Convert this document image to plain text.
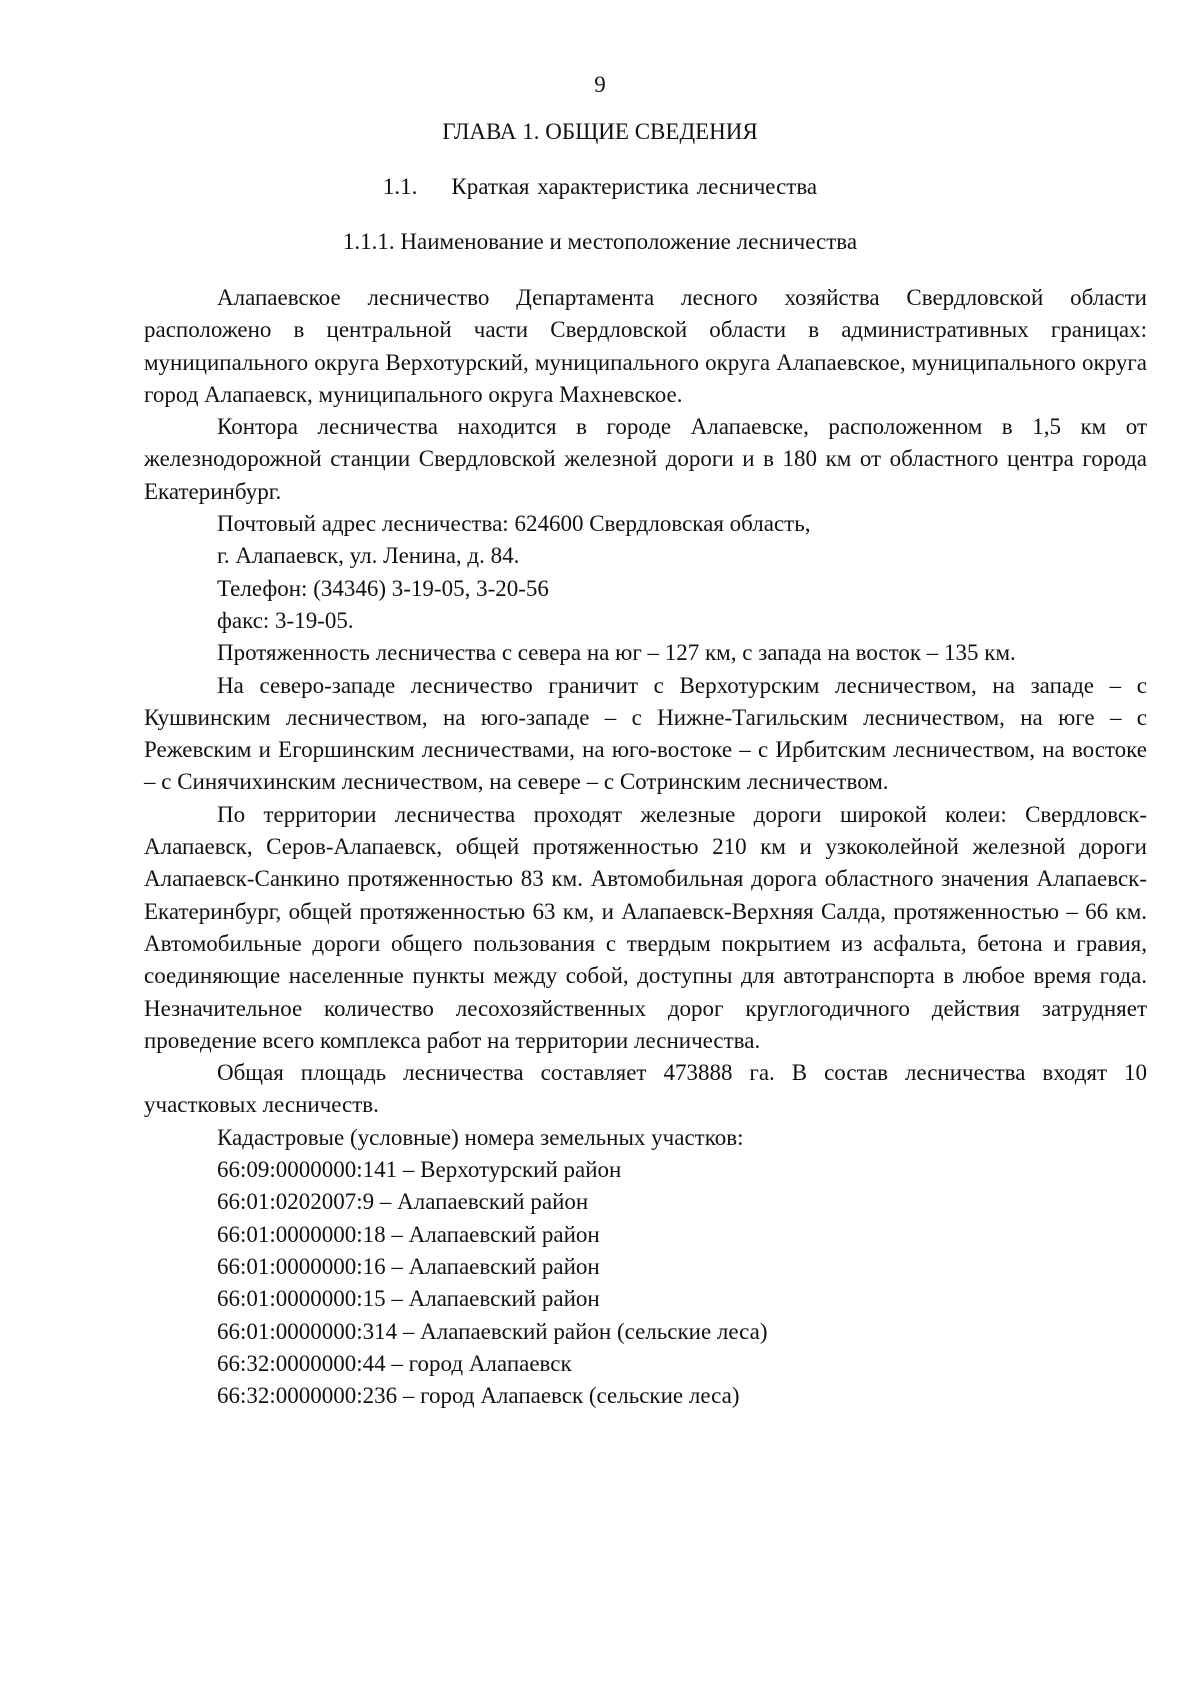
9
ГЛАВА 1. ОБЩИЕ СВЕДЕНИЯ
1.1. Краткая характеристика лесничества
1.1.1. Наименование и местоположение лесничества

Алапаевское лесничество Департамента лесного хозяйства Свердловской области расположено в центральной части Свердловской области в административных границах: муниципального округа Верхотурский, муниципального округа Алапаевское, муниципального округа город Алапаевск, муниципального округа Махневское.

Контора лесничества находится в городе Алапаевске, расположенном в 1,5 км от железнодорожной станции Свердловской железной дороги и в 180 км от областного центра города Екатеринбург.

Почтовый адрес лесничества: 624600 Свердловская область,

г. Алапаевск, ул. Ленина, д. 84.

Телефон: (34346) 3-19-05, 3-20-56

факс: 3-19-05.

Протяженность лесничества с севера на юг – 127 км, с запада на восток – 135 км.

На северо-западе лесничество граничит с Верхотурским лесничеством, на западе – с Кушвинским лесничеством, на юго-западе – с Нижне-Тагильским лесничеством, на юге – с Режевским и Егоршинским лесничествами, на юго-востоке – с Ирбитским лесничеством, на востоке – с Синячихинским лесничеством, на севере – с Сотринским лесничеством.

По территории лесничества проходят железные дороги широкой колеи: Свердловск-Алапаевск, Серов-Алапаевск, общей протяженностью 210 км и узкоколейной железной дороги Алапаевск-Санкино протяженностью 83 км. Автомобильная дорога областного значения Алапаевск-Екатеринбург, общей протяженностью 63 км, и Алапаевск-Верхняя Салда, протяженностью – 66 км. Автомобильные дороги общего пользования с твердым покрытием из асфальта, бетона и гравия, соединяющие населенные пункты между собой, доступны для автотранспорта в любое время года. Незначительное количество лесохозяйственных дорог круглогодичного действия затрудняет проведение всего комплекса работ на территории лесничества.

Общая площадь лесничества составляет 473888 га. В состав лесничества входят 10 участковых лесничеств.

Кадастровые (условные) номера земельных участков:

66:09:0000000:141 – Верхотурский район

66:01:0202007:9 – Алапаевский район

66:01:0000000:18 – Алапаевский район

66:01:0000000:16 – Алапаевский район

66:01:0000000:15 – Алапаевский район

66:01:0000000:314 – Алапаевский район (сельские леса)

66:32:0000000:44 – город Алапаевск

66:32:0000000:236 – город Алапаевск (сельские леса)
